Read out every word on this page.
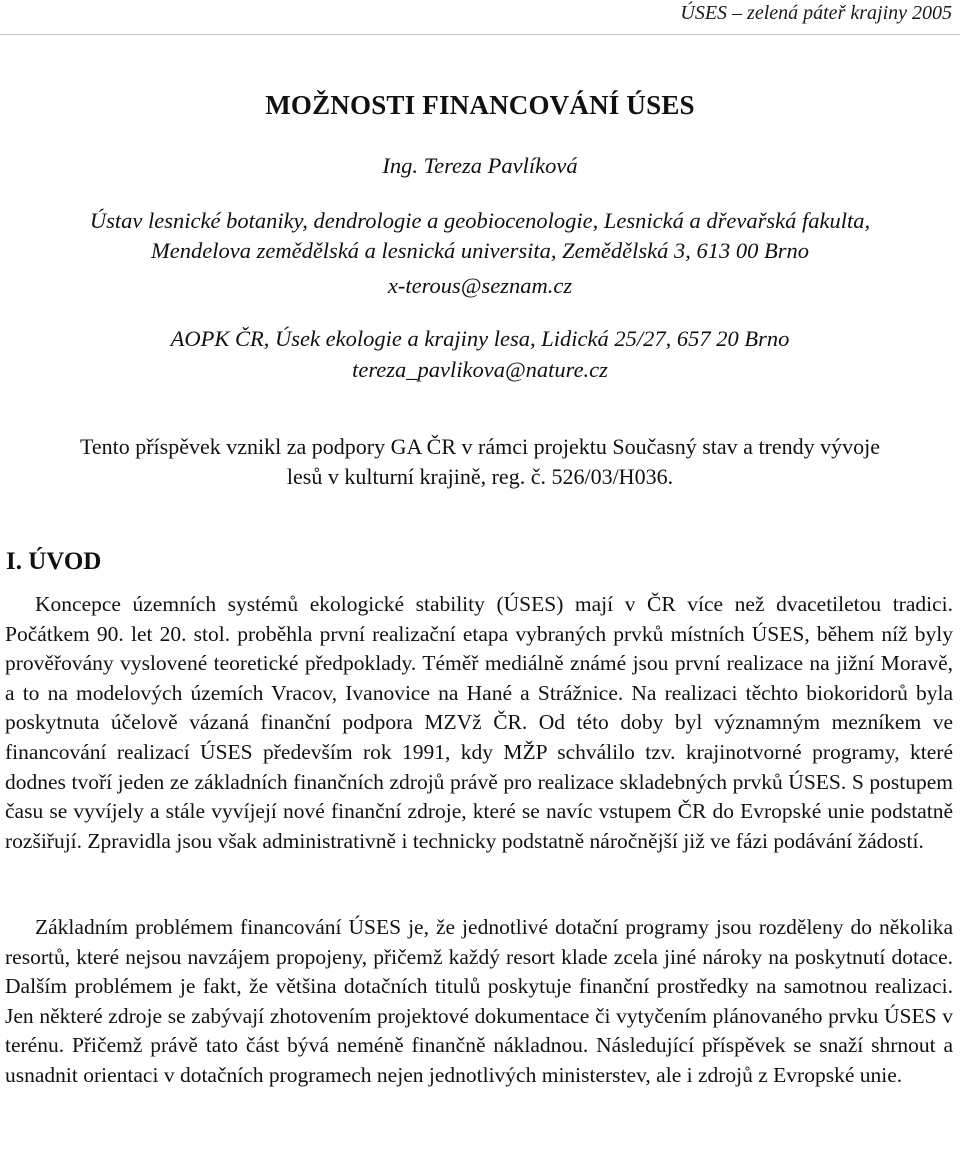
ÚSES – zelená páteř krajiny 2005
MOŽNOSTI FINANCOVÁNÍ ÚSES
Ing. Tereza Pavlíková
Ústav lesnické botaniky, dendrologie a geobiocenologie, Lesnická a dřevařská fakulta,
Mendelova zemědělská a lesnická universita, Zemědělská 3, 613 00 Brno
x-terous@seznam.cz
AOPK ČR, Úsek ekologie a krajiny lesa, Lidická 25/27, 657 20 Brno
tereza_pavlikova@nature.cz
Tento příspěvek vznikl za podpory GA ČR v rámci projektu Současný stav a trendy vývoje
lesů v kulturní krajině, reg. č. 526/03/H036.
I. ÚVOD

Koncepce územních systémů ekologické stability (ÚSES) mají v ČR více než dvacetiletou tradici. Počátkem 90. let 20. stol. proběhla první realizační etapa vybraných prvků místních ÚSES, během níž byly prověřovány vyslovené teoretické předpoklady. Téměř mediálně známé jsou první realizace na jižní Moravě, a to na modelových územích Vracov, Ivanovice na Hané a Strážnice. Na realizaci těchto biokoridorů byla poskytnuta účelově vázaná finanční podpora MZVž ČR. Od této doby byl významným mezníkem ve financování realizací ÚSES především rok 1991, kdy MŽP schválilo tzv. krajinotvorné programy, které dodnes tvoří jeden ze základních finančních zdrojů právě pro realizace skladebných prvků ÚSES. S postupem času se vyvíjely a stále vyvíjejí nové finanční zdroje, které se navíc vstupem ČR do Evropské unie podstatně rozšiřují. Zpravidla jsou však administrativně i technicky podstatně náročnější již ve fázi podávání žádostí.

Základním problémem financování ÚSES je, že jednotlivé dotační programy jsou rozděleny do několika resortů, které nejsou navzájem propojeny, přičemž každý resort klade zcela jiné nároky na poskytnutí dotace. Dalším problémem je fakt, že většina dotačních titulů poskytuje finanční prostředky na samotnou realizaci. Jen některé zdroje se zabývají zhotovením projektové dokumentace či vytyčením plánovaného prvku ÚSES v terénu. Přičemž právě tato část bývá neméně finančně nákladnou. Následující příspěvek se snaží shrnout a usnadnit orientaci v dotačních programech nejen jednotlivých ministerstev, ale i zdrojů z Evropské unie.
